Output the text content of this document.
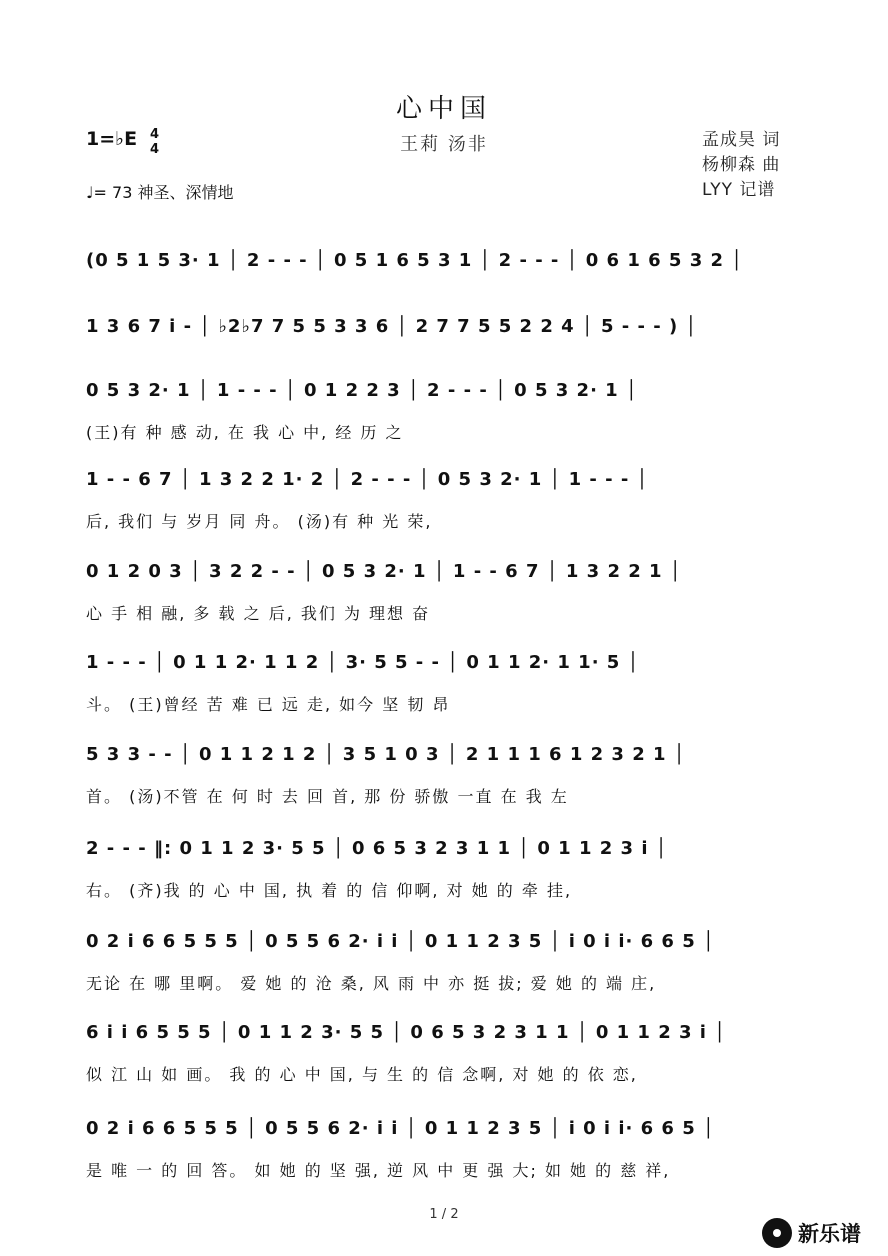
心中国
王莉 汤非
1=♭E 4
4
♩= 73 神圣、深情地
孟成昊 词
杨柳森 曲
LYY 记谱
(0 5 1 5 3· 1 │ 2 - - - │ 0 5 1 6 5 3 1 │ 2 - - - │ 0 6 1 6 5 3 2 │
1 3 6 7 i - │ ♭2♭7 7 5 5 3 3 6 │ 2 7 7 5 5 2 2 4 │ 5 - - - ) │
0 5 3 2· 1 │ 1 - - - │ 0 1 2 2 3 │ 2 - - - │ 0 5 3 2· 1 │
(王)有 种 感 动, 在 我 心 中, 经 历 之
1 - - 6 7 │ 1 3 2 2 1· 2 │ 2 - - - │ 0 5 3 2· 1 │ 1 - - - │
后, 我们 与 岁月 同 舟。 (汤)有 种 光 荣,
0 1 2 0 3 │ 3 2 2 - - │ 0 5 3 2· 1 │ 1 - - 6 7 │ 1 3 2 2 1 │
心 手 相 融, 多 载 之 后, 我们 为 理想 奋
1 - - - │ 0 1 1 2· 1 1 2 │ 3· 5 5 - - │ 0 1 1 2· 1 1· 5 │
斗。 (王)曾经 苦 难 已 远 走, 如今 坚 韧 昂
5 3 3 - - │ 0 1 1 2 1 2 │ 3 5 1 0 3 │ 2 1 1 1 6 1 2 3 2 1 │
首。 (汤)不管 在 何 时 去 回 首, 那 份 骄傲 一直 在 我 左
2 - - - ‖: 0 1 1 2 3· 5 5 │ 0 6 5 3 2 3 1 1 │ 0 1 1 2 3 i │
右。 (齐)我 的 心 中 国, 执 着 的 信 仰啊, 对 她 的 牵 挂,
0 2 i 6 6 5 5 5 │ 0 5 5 6 2· i i │ 0 1 1 2 3 5 │ i 0 i i· 6 6 5 │
无论 在 哪 里啊。 爱 她 的 沧 桑, 风 雨 中 亦 挺 拔; 爱 她 的 端 庄,
6 i i 6 5 5 5 │ 0 1 1 2 3· 5 5 │ 0 6 5 3 2 3 1 1 │ 0 1 1 2 3 i │
似 江 山 如 画。 我 的 心 中 国, 与 生 的 信 念啊, 对 她 的 依 恋,
0 2 i 6 6 5 5 5 │ 0 5 5 6 2· i i │ 0 1 1 2 3 5 │ i 0 i i· 6 6 5 │
是 唯 一 的 回 答。 如 她 的 坚 强, 逆 风 中 更 强 大; 如 她 的 慈 祥,
1 / 2
新乐谱
